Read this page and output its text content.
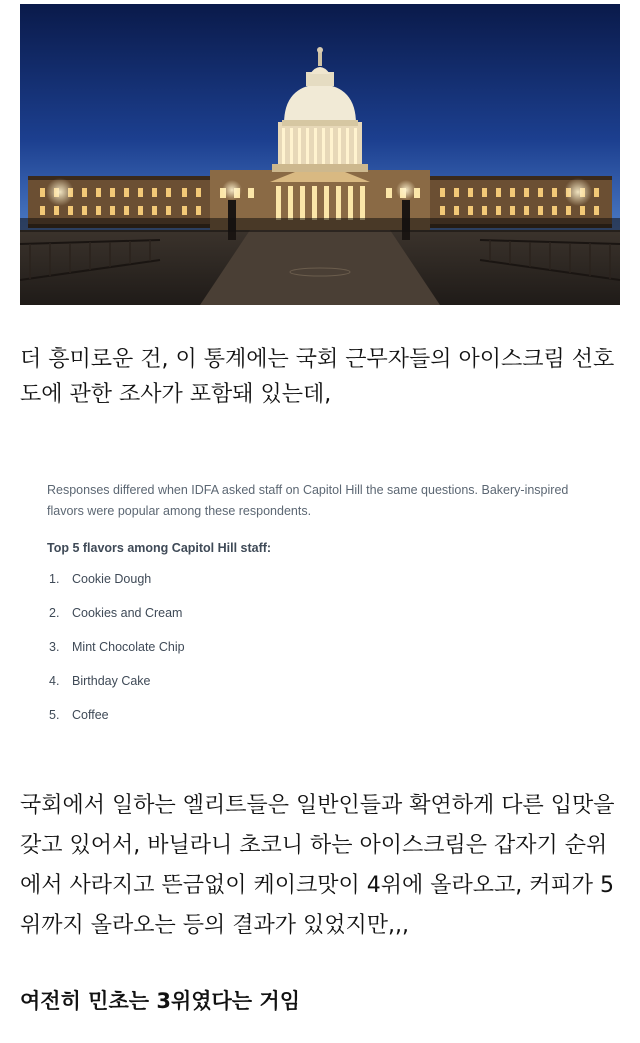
더 흥미로운 건, 이 통계에는 국회 근무자들의 아이스크림 선호도에 관한 조사가 포함돼 있는데,

Responses differed when IDFA asked staff on Capitol Hill the same questions. Bakery-inspired flavors were popular among these respondents.

Top 5 flavors among Capitol Hill staff:

1. Cookie Dough
2. Cookies and Cream
3. Mint Chocolate Chip
4. Birthday Cake
5. Coffee

국회에서 일하는 엘리트들은 일반인들과 확연하게 다른 입맛을 갖고 있어서, 바닐라니 초코니 하는 아이스크림은 갑자기 순위에서 사라지고 뜬금없이 케이크맛이 4위에 올라오고, 커피가 5위까지 올라오는 등의 결과가 있었지만,,,

여전히 민초는 3위였다는 거임
